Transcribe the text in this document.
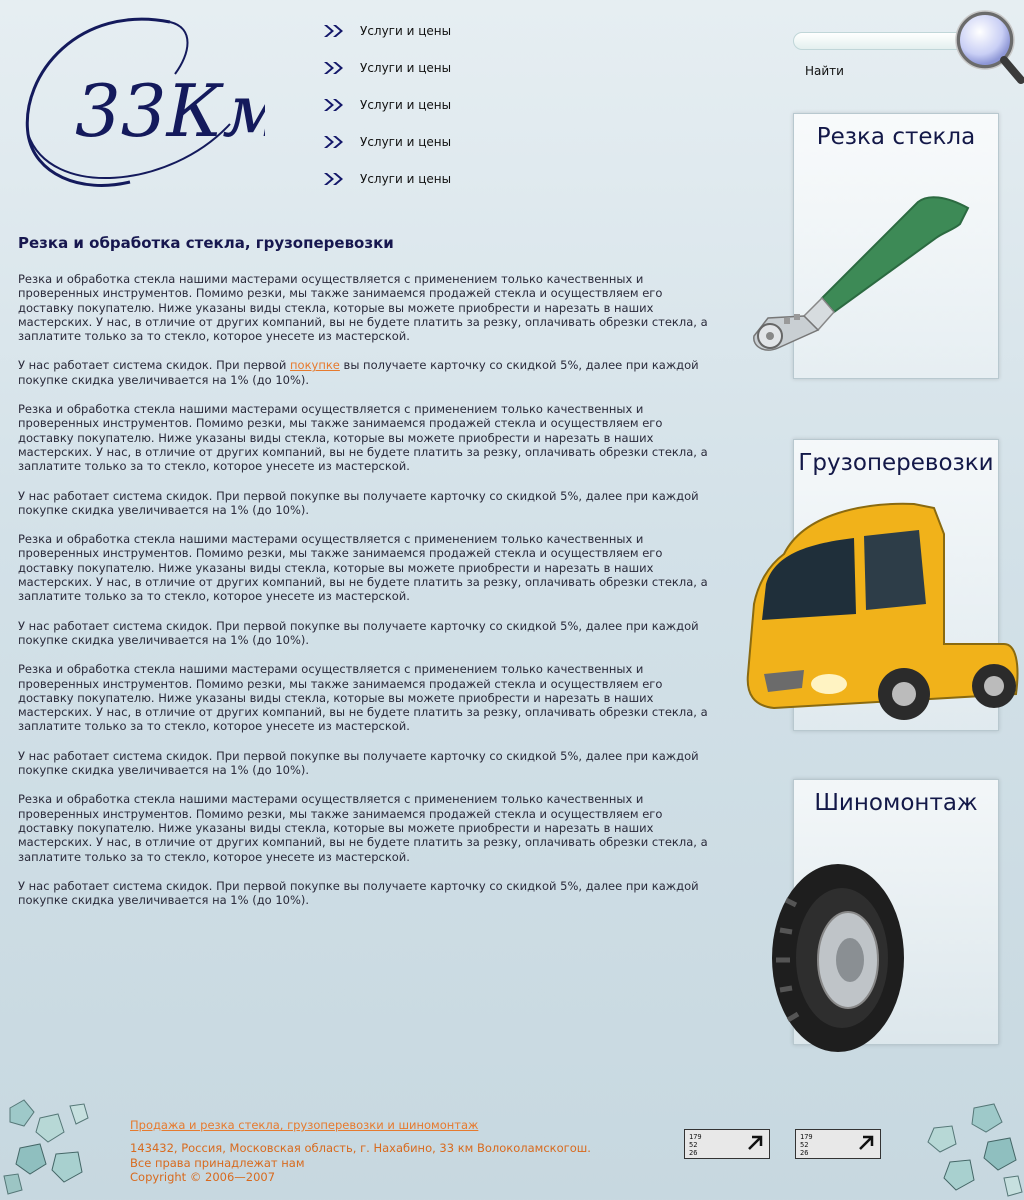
33Км
Услуги и цены
Услуги и цены
Услуги и цены
Услуги и цены
Услуги и цены
Найти
Резка и обработка стекла, грузоперевозки

Резка и обработка стекла нашими мастерами осуществляется с применением только качественных и проверенных инструментов. Помимо резки, мы также занимаемся продажей стекла и осуществляем его доставку покупателю. Ниже указаны виды стекла, которые вы можете приобрести и нарезать в наших мастерских. У нас, в отличие от других компаний, вы не будете платить за резку, оплачивать обрезки стекла, а заплатите только за то стекло, которое унесете из мастерской.

У нас работает система скидок. При первой покупке вы получаете карточку со скидкой 5%, далее при каждой покупке скидка увеличивается на 1% (до 10%).

Резка и обработка стекла нашими мастерами осуществляется с применением только качественных и проверенных инструментов. Помимо резки, мы также занимаемся продажей стекла и осуществляем его доставку покупателю. Ниже указаны виды стекла, которые вы можете приобрести и нарезать в наших мастерских. У нас, в отличие от других компаний, вы не будете платить за резку, оплачивать обрезки стекла, а заплатите только за то стекло, которое унесете из мастерской.

У нас работает система скидок. При первой покупке вы получаете карточку со скидкой 5%, далее при каждой покупке скидка увеличивается на 1% (до 10%).

Резка и обработка стекла нашими мастерами осуществляется с применением только качественных и проверенных инструментов. Помимо резки, мы также занимаемся продажей стекла и осуществляем его доставку покупателю. Ниже указаны виды стекла, которые вы можете приобрести и нарезать в наших мастерских. У нас, в отличие от других компаний, вы не будете платить за резку, оплачивать обрезки стекла, а заплатите только за то стекло, которое унесете из мастерской.

У нас работает система скидок. При первой покупке вы получаете карточку со скидкой 5%, далее при каждой покупке скидка увеличивается на 1% (до 10%).

Резка и обработка стекла нашими мастерами осуществляется с применением только качественных и проверенных инструментов. Помимо резки, мы также занимаемся продажей стекла и осуществляем его доставку покупателю. Ниже указаны виды стекла, которые вы можете приобрести и нарезать в наших мастерских. У нас, в отличие от других компаний, вы не будете платить за резку, оплачивать обрезки стекла, а заплатите только за то стекло, которое унесете из мастерской.

У нас работает система скидок. При первой покупке вы получаете карточку со скидкой 5%, далее при каждой покупке скидка увеличивается на 1% (до 10%).

Резка и обработка стекла нашими мастерами осуществляется с применением только качественных и проверенных инструментов. Помимо резки, мы также занимаемся продажей стекла и осуществляем его доставку покупателю. Ниже указаны виды стекла, которые вы можете приобрести и нарезать в наших мастерских. У нас, в отличие от других компаний, вы не будете платить за резку, оплачивать обрезки стекла, а заплатите только за то стекло, которое унесете из мастерской.

У нас работает система скидок. При первой покупке вы получаете карточку со скидкой 5%, далее при каждой покупке скидка увеличивается на 1% (до 10%).

Резка стекла
Грузоперевозки
Шиномонтаж
Продажа и резка стекла, грузоперевозки и шиномонтаж
143432, Россия, Московская область, г. Нахабино, 33 км Волоколамскогош.
Все права принадлежат нам
Copyright © 2006—2007
179
52
26
179
52
26
